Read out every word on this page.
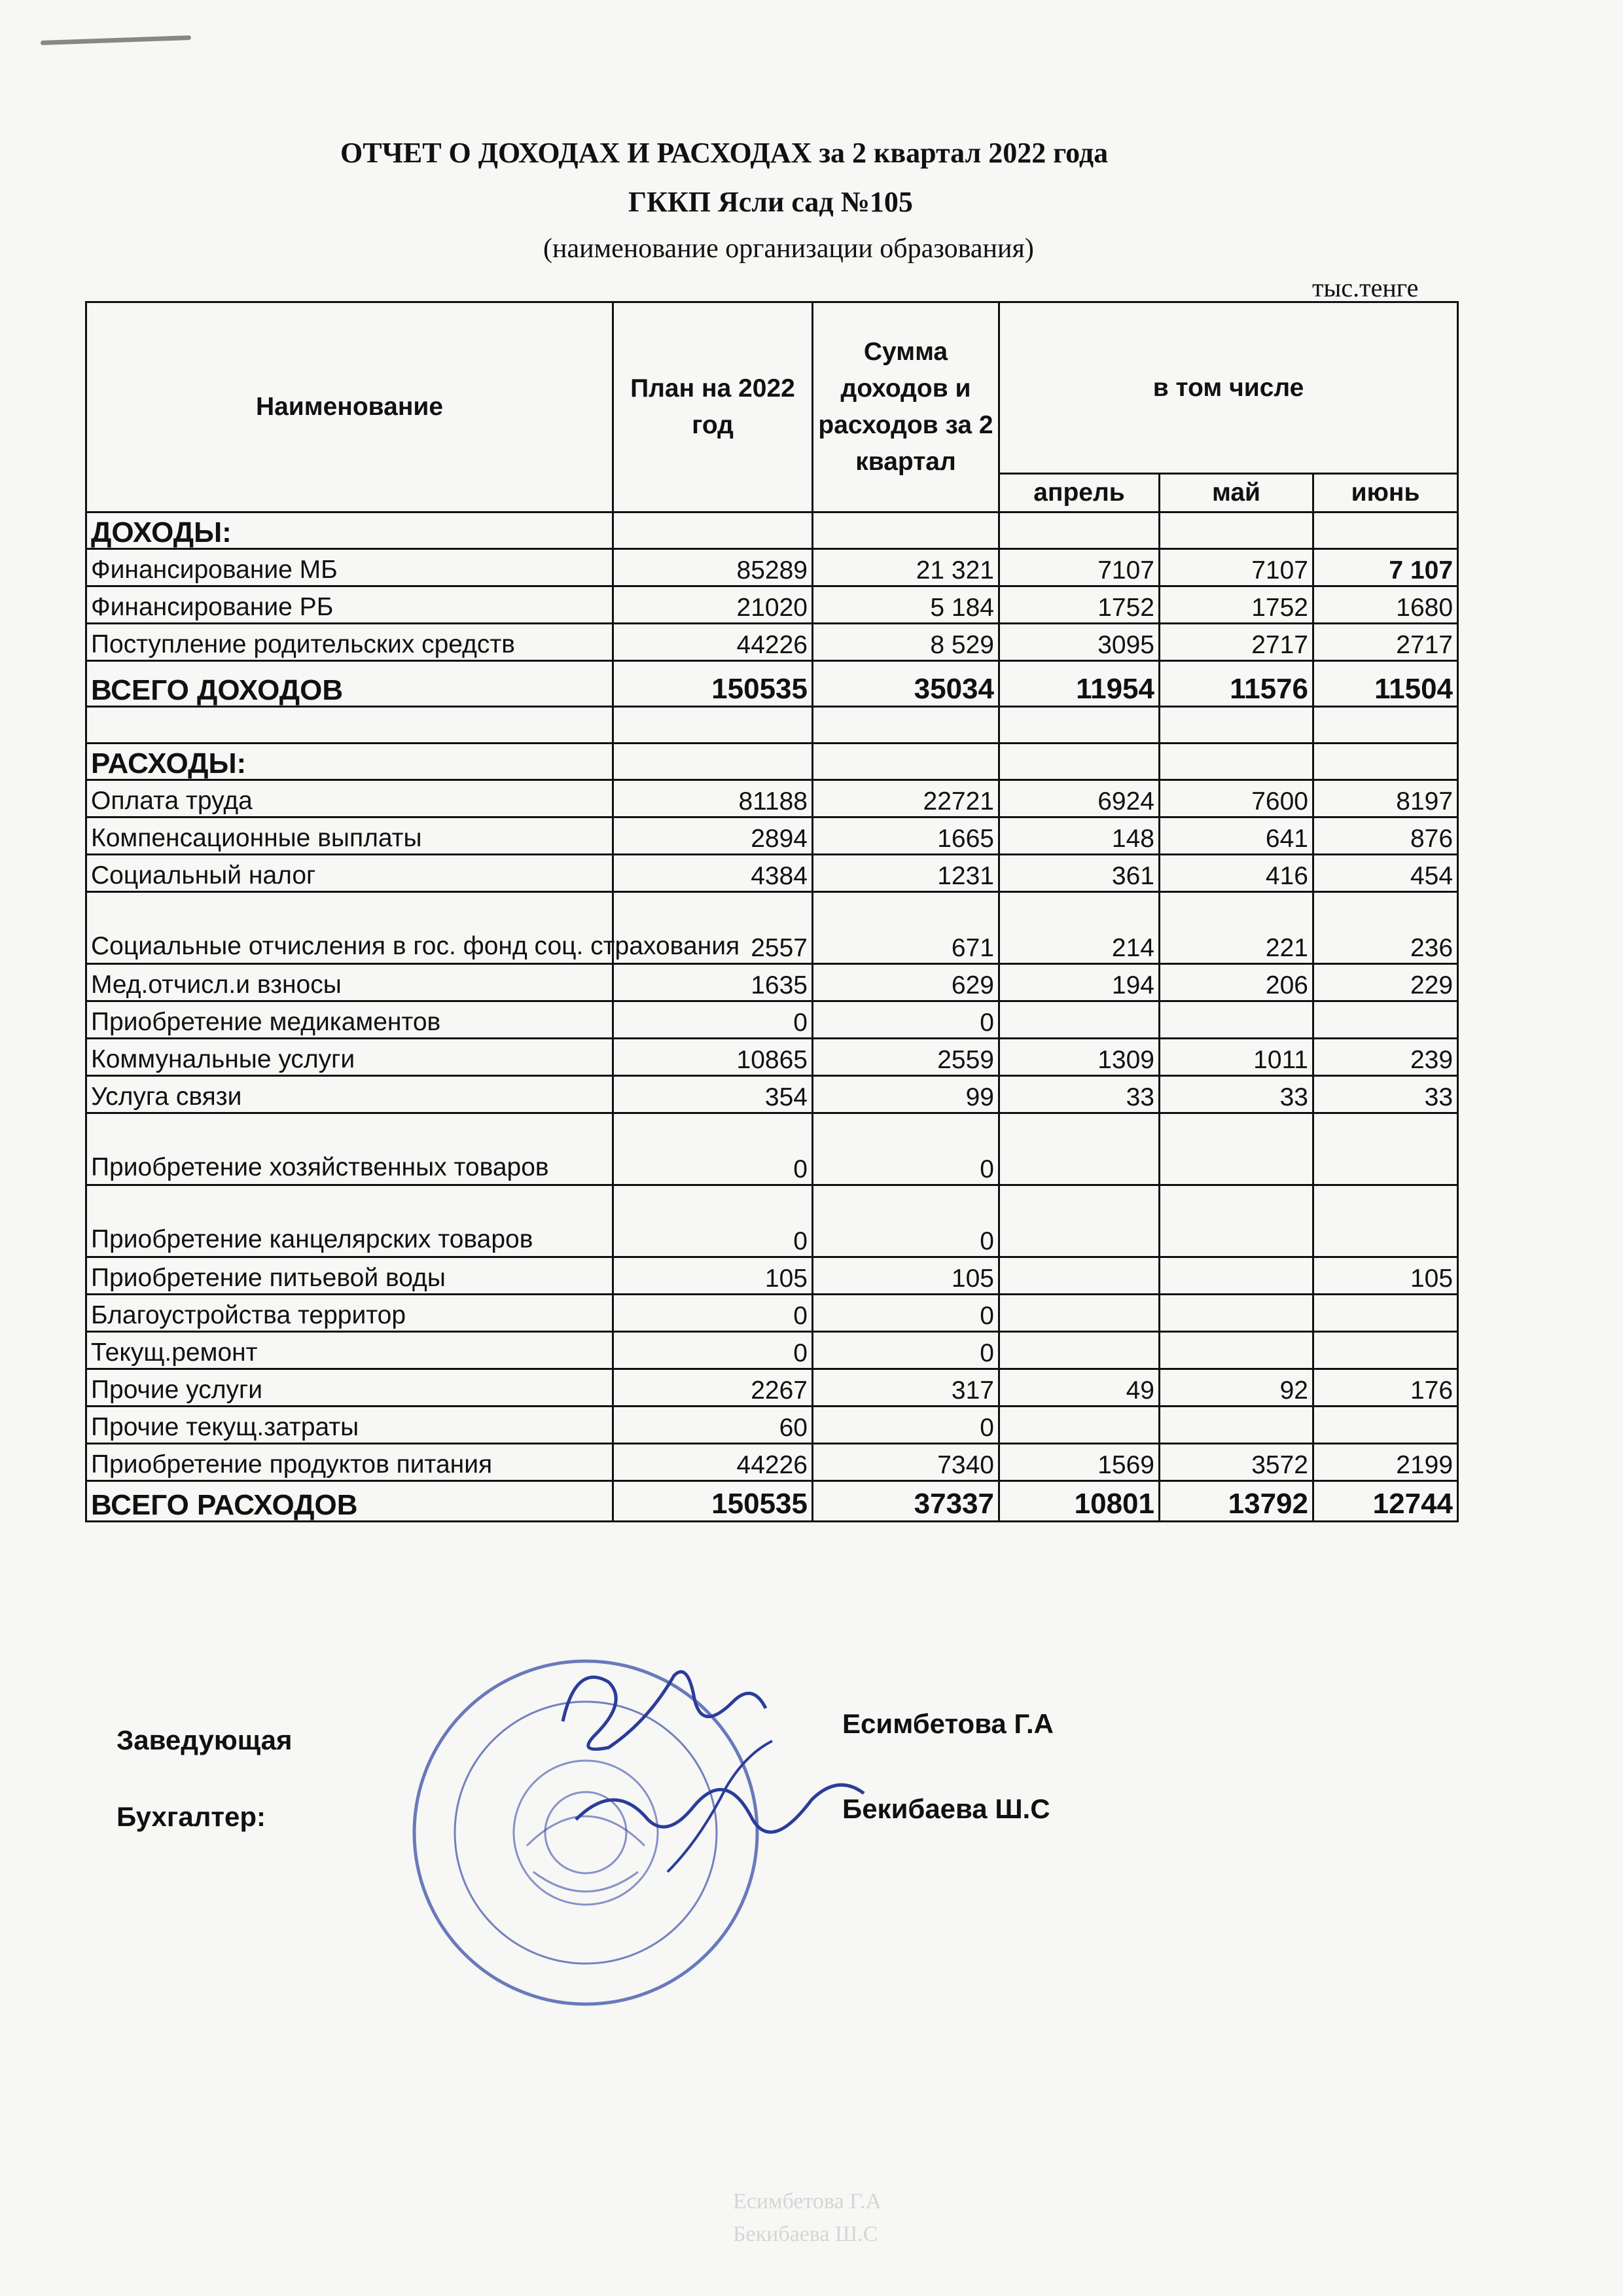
ОТЧЕТ О ДОХОДАХ И РАСХОДАХ за 2 квартал 2022 года
ГККП Ясли сад №105
(наименование организации образования)
тыс.тенге
Наименование	План на 2022 год	Сумма доходов и расходов за 2 квартал	в том числе		
			апрель	май	июнь
ДОХОДЫ:					
Финансирование МБ	85289	21 321	7107	7107	7 107
Финансирование РБ	21020	5 184	1752	1752	1680
Поступление родительских средств	44226	8 529	3095	2717	2717
ВСЕГО ДОХОДОВ	150535	35034	11954	11576	11504

РАСХОДЫ:					
Оплата труда	81188	22721	6924	7600	8197
Компенсационные выплаты	2894	1665	148	641	876
Социальный налог	4384	1231	361	416	454
Социальные отчисления в гос. фонд соц. страхования	2557	671	214	221	236
Мед.отчисл.и взносы	1635	629	194	206	229
Приобретение медикаментов	0	0			
Коммунальные услуги	10865	2559	1309	1011	239
Услуга связи	354	99	33	33	33
Приобретение хозяйственных товаров	0	0			
Приобретение канцелярских товаров	0	0			
Приобретение питьевой воды	105	105			105
Благоустройства территор	0	0			
Текущ.ремонт	0	0			
Прочие услуги	2267	317	49	92	176
Прочие текущ.затраты	60	0			
Приобретение продуктов питания	44226	7340	1569	3572	2199
ВСЕГО РАСХОДОВ	150535	37337	10801	13792	12744
Заведующая
Есимбетова Г.А
Бухгалтер:	Бекибаева Ш.С
Есимбетова Г.А
Бекибаева Ш.С
